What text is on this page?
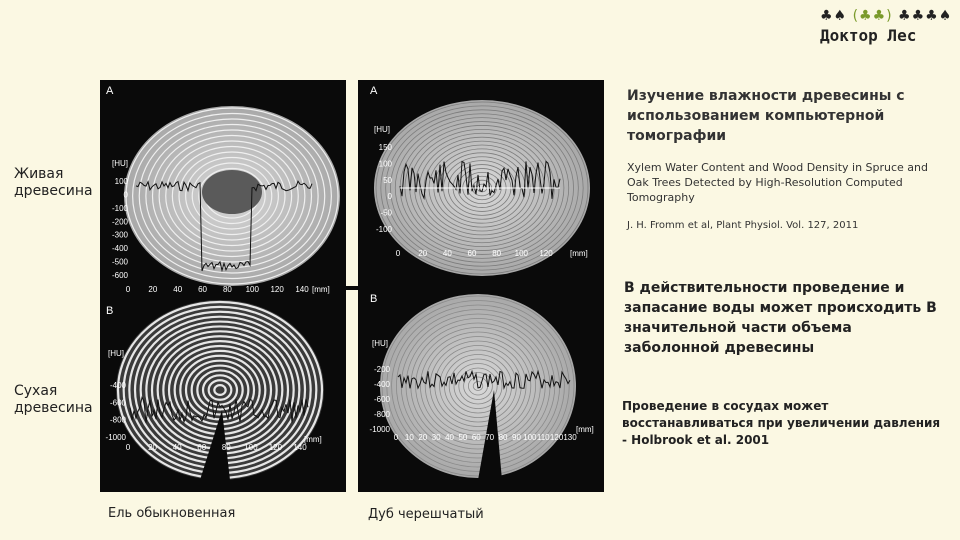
♣♠ (♣♣) ♣♣♣♠
Доктор Лес
Живая древесина
Сухая древесина
A
[HU]
100
0
-100
-200
-300
-400
-500
-600
0 20 40 60 80 100 120 140 [mm]
A
[HU]
150
100
50
0
-50
-100
0 20 40 60 80 100 120 [mm]
B
[HU]
-400
-600
-800
-1000
0 20 40 60 80 100 120 140
[mm]
B
[HU]
-200
-400
-600
-800
-1000
0 10 20 30 40 50 60 70 80 90 100 110 120 130
[mm]
Ель обыкновенная	Дуб черешчатый
Изучение влажности древесины с использованием компьютерной томографии
Xylem Water Content and Wood Density in Spruce and Oak Trees Detected by High-Resolution Computed Tomography
J. H. Fromm et al, Plant Physiol. Vol. 127, 2011
В действительности проведение и запасание воды может происходить В значительной части объема заболонной древесины
Проведение в сосудах может восстанавливаться при увеличении давления - Holbrook et al. 2001
